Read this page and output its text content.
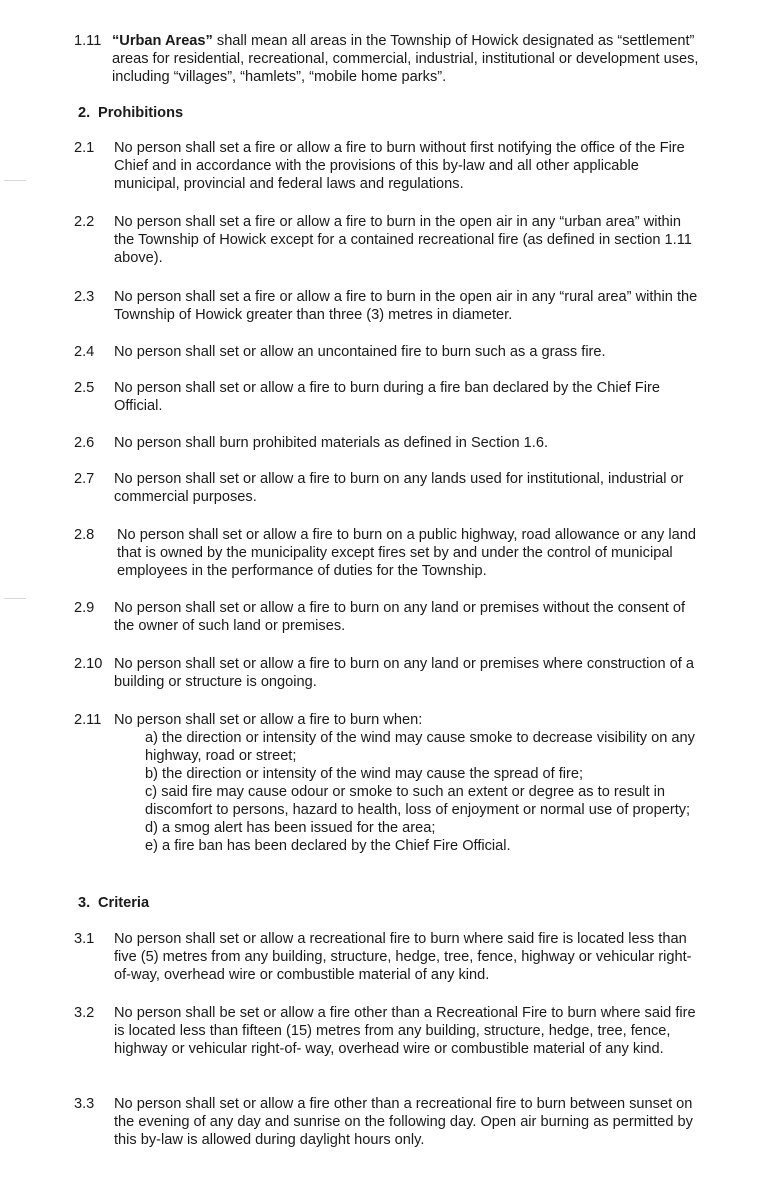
1.11 “Urban Areas” shall mean all areas in the Township of Howick designated as “settlement” areas for residential, recreational, commercial, industrial, institutional or development uses, including “villages”, “hamlets”, “mobile home parks”.
2. Prohibitions
2.1 No person shall set a fire or allow a fire to burn without first notifying the office of the Fire Chief and in accordance with the provisions of this by-law and all other applicable municipal, provincial and federal laws and regulations.
2.2 No person shall set a fire or allow a fire to burn in the open air in any “urban area” within the Township of Howick except for a contained recreational fire (as defined in section 1.11 above).
2.3 No person shall set a fire or allow a fire to burn in the open air in any “rural area” within the Township of Howick greater than three (3) metres in diameter.
2.4 No person shall set or allow an uncontained fire to burn such as a grass fire.
2.5 No person shall set or allow a fire to burn during a fire ban declared by the Chief Fire Official.
2.6 No person shall burn prohibited materials as defined in Section 1.6.
2.7 No person shall set or allow a fire to burn on any lands used for institutional, industrial or commercial purposes.
2.8 No person shall set or allow a fire to burn on a public highway, road allowance or any land that is owned by the municipality except fires set by and under the control of municipal employees in the performance of duties for the Township.
2.9 No person shall set or allow a fire to burn on any land or premises without the consent of the owner of such land or premises.
2.10 No person shall set or allow a fire to burn on any land or premises where construction of a building or structure is ongoing.
2.11 No person shall set or allow a fire to burn when:
a) the direction or intensity of the wind may cause smoke to decrease visibility on any highway, road or street;
b) the direction or intensity of the wind may cause the spread of fire;
c) said fire may cause odour or smoke to such an extent or degree as to result in discomfort to persons, hazard to health, loss of enjoyment or normal use of property;
d) a smog alert has been issued for the area;
e) a fire ban has been declared by the Chief Fire Official.
3. Criteria
3.1 No person shall set or allow a recreational fire to burn where said fire is located less than five (5) metres from any building, structure, hedge, tree, fence, highway or vehicular right-of-way, overhead wire or combustible material of any kind.
3.2 No person shall be set or allow a fire other than a Recreational Fire to burn where said fire is located less than fifteen (15) metres from any building, structure, hedge, tree, fence, highway or vehicular right-of- way, overhead wire or combustible material of any kind.
3.3 No person shall set or allow a fire other than a recreational fire to burn between sunset on the evening of any day and sunrise on the following day. Open air burning as permitted by this by-law is allowed during daylight hours only.
